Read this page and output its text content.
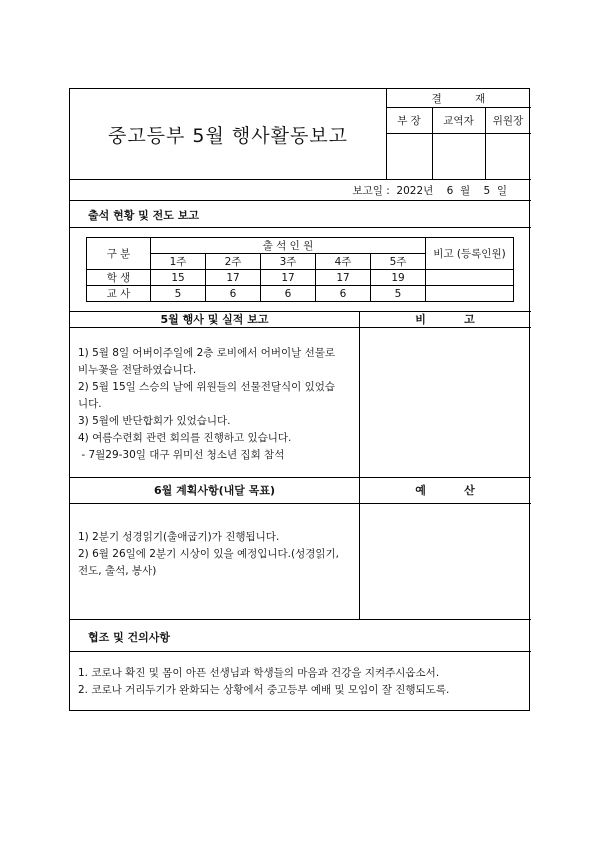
중고등부 5월 행사활동보고
결          재
부 장	교역자	위원장
보고일 :  2022년    6  월    5  일
출석 현황 및 전도 보고
구 분	출 석 인 원					비고 (등록인원)
	1주	2주	3주	4주	5주	
학 생	15	17	17	17	19	
교 사	5	6	6	6	5	
5월 행사 및 실적 보고	비          고
1) 5월 8일 어버이주일에 2층 로비에서 어버이날 선물로
비누꽃을 전달하였습니다.
2) 5월 15일 스승의 날에 위원들의 선물전달식이 있었습
니다.
3) 5월에 반단합회가 있었습니다.
4) 여름수련회 관련 회의를 진행하고 있습니다.
- 7월29-30일 대구 위미선 청소년 집회 참석
6월 계획사항(내달 목표)	예          산
1) 2분기 성경읽기(출애굽기)가 진행됩니다.
2) 6월 26일에 2분기 시상이 있을 예정입니다.(성경읽기,
전도, 출석, 봉사)
협조 및 건의사항
1. 코로나 확진 및 몸이 아픈 선생님과 학생들의 마음과 건강을 지켜주시옵소서.
2. 코로나 거리두기가 완화되는 상황에서 중고등부 예배 및 모임이 잘 진행되도록.
